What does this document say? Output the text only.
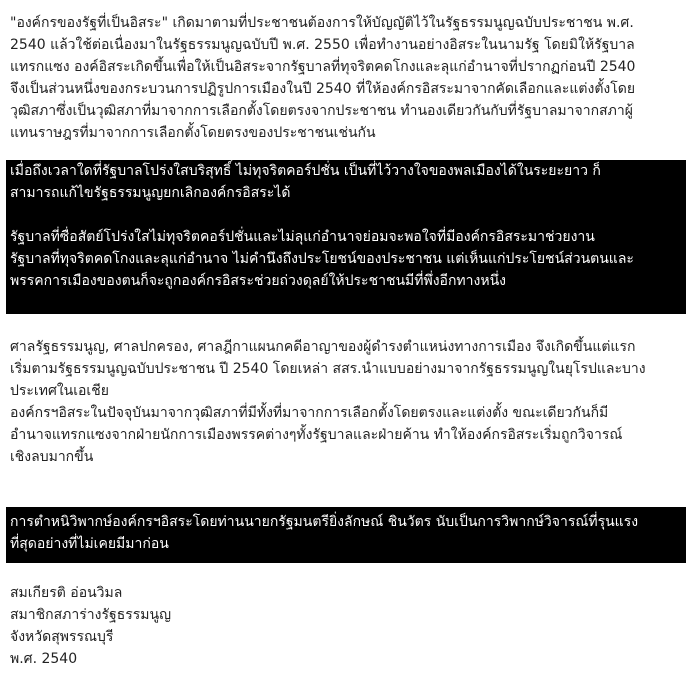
"องค์กรของรัฐที่เป็นอิสระ" เกิดมาตามที่ประชาชนต้องการให้บัญญัติไว้ในรัฐธรรมนูญฉบับประชาชน พ.ศ.
2540 แล้วใช้ต่อเนื่องมาในรัฐธรรมนูญฉบับปี พ.ศ. 2550 เพื่อทำงานอย่างอิสระในนามรัฐ โดยมิให้รัฐบาล
แทรกแซง องค์อิสระเกิดขึ้นเพื่อให้เป็นอิสระจากรัฐบาลที่ทุจริตคดโกงและลุแก่อำนาจที่ปรากฏก่อนปี 2540
จึงเป็นส่วนหนึ่งของกระบวนการปฏิรูปการเมืองในปี 2540 ที่ให้องค์กรอิสระมาจากคัดเลือกและแต่งตั้งโดย
วุฒิสภาซึ่งเป็นวุฒิสภาที่มาจากการเลือกตั้งโดยตรงจากประชาชน ทำนองเดียวกันกับที่รัฐบาลมาจากสภาผู้
แทนราษฎรที่มาจากการเลือกตั้งโดยตรงของประชาชนเช่นกัน
เมื่อถึงเวลาใดที่รัฐบาลโปร่งใสบริสุทธิ์ ไม่ทุจริตคอร์ปชั่น เป็นที่ไว้วางใจของพลเมืองได้ในระยะยาว ก็
สามารถแก้ไขรัฐธรรมนูญยกเลิกองค์กรอิสระได้
รัฐบาลที่ซื่อสัตย์โปร่งใสไม่ทุจริตคอร์ปชั่นและไม่ลุแก่อำนาจย่อมจะพอใจที่มีองค์กรอิสระมาช่วยงาน
รัฐบาลที่ทุจริตคดโกงและลุแก่อำนาจ ไม่คำนึงถึงประโยชน์ของประชาชน แต่เห็นแก่ประโยชน์ส่วนตนและ
พรรคการเมืองของตนก็จะถูกองค์กรอิสระช่วยถ่วงดุลย์ให้ประชาชนมีที่พึ่งอีกทางหนึ่ง
ศาลรัฐธรรมนูญ, ศาลปกครอง, ศาลฎีกาแผนกคดีอาญาของผู้ดำรงตำแหน่งทางการเมือง จึงเกิดขึ้นแต่แรก
เริ่มตามรัฐธรรมนูญฉบับประชาชน ปี 2540 โดยเหล่า สสร.นำแบบอย่างมาจากรัฐธรรมนูญในยุโรปและบาง
ประเทศในเอเชีย
องค์กรฯอิสระในปัจจุบันมาจากวุฒิสภาที่มีทั้งที่มาจากการเลือกตั้งโดยตรงและแต่งตั้ง ขณะเดียวกันก็มี
อำนาจแทรกแซงจากฝ่ายนักการเมืองพรรคต่างๆทั้งรัฐบาลและฝ่ายค้าน ทำให้องค์กรอิสระเริ่มถูกวิจารณ์
เชิงลบมากขึ้น
การตำหนิวิพากษ์องค์กรฯอิสระโดยท่านนายกรัฐมนตรียิ่งลักษณ์ ชินวัตร นับเป็นการวิพากษ์วิจารณ์ที่รุนแรง
ที่สุดอย่างที่ไม่เคยมีมาก่อน
สมเกียรติ อ่อนวิมล
สมาชิกสภาร่างรัฐธรรมนูญ
จังหวัดสุพรรณบุรี
พ.ศ. 2540
